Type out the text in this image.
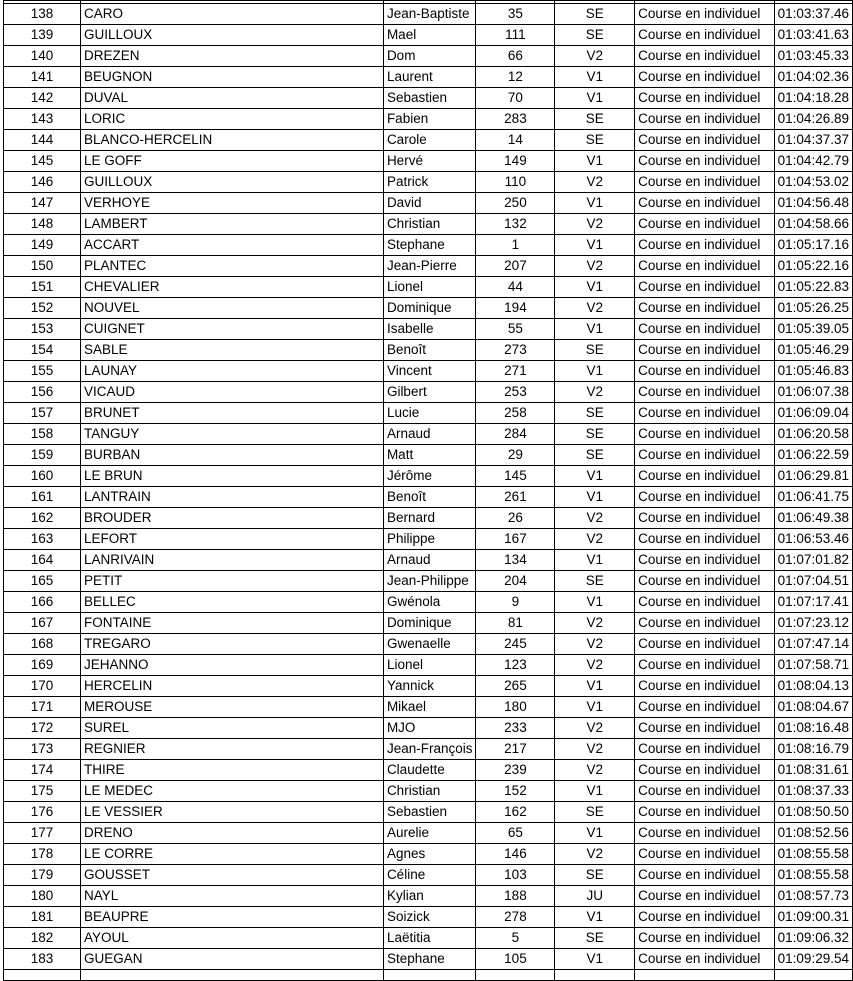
138	CARO	Jean-Baptiste	35	SE	Course en individuel	01:03:37.46
139	GUILLOUX	Mael	111	SE	Course en individuel	01:03:41.63
140	DREZEN	Dom	66	V2	Course en individuel	01:03:45.33
141	BEUGNON	Laurent	12	V1	Course en individuel	01:04:02.36
142	DUVAL	Sebastien	70	V1	Course en individuel	01:04:18.28
143	LORIC	Fabien	283	SE	Course en individuel	01:04:26.89
144	BLANCO-HERCELIN	Carole	14	SE	Course en individuel	01:04:37.37
145	LE GOFF	Hervé	149	V1	Course en individuel	01:04:42.79
146	GUILLOUX	Patrick	110	V2	Course en individuel	01:04:53.02
147	VERHOYE	David	250	V1	Course en individuel	01:04:56.48
148	LAMBERT	Christian	132	V2	Course en individuel	01:04:58.66
149	ACCART	Stephane	1	V1	Course en individuel	01:05:17.16
150	PLANTEC	Jean-Pierre	207	V2	Course en individuel	01:05:22.16
151	CHEVALIER	Lionel	44	V1	Course en individuel	01:05:22.83
152	NOUVEL	Dominique	194	V2	Course en individuel	01:05:26.25
153	CUIGNET	Isabelle	55	V1	Course en individuel	01:05:39.05
154	SABLE	Benoît	273	SE	Course en individuel	01:05:46.29
155	LAUNAY	Vincent	271	V1	Course en individuel	01:05:46.83
156	VICAUD	Gilbert	253	V2	Course en individuel	01:06:07.38
157	BRUNET	Lucie	258	SE	Course en individuel	01:06:09.04
158	TANGUY	Arnaud	284	SE	Course en individuel	01:06:20.58
159	BURBAN	Matt	29	SE	Course en individuel	01:06:22.59
160	LE BRUN	Jérôme	145	V1	Course en individuel	01:06:29.81
161	LANTRAIN	Benoît	261	V1	Course en individuel	01:06:41.75
162	BROUDER	Bernard	26	V2	Course en individuel	01:06:49.38
163	LEFORT	Philippe	167	V2	Course en individuel	01:06:53.46
164	LANRIVAIN	Arnaud	134	V1	Course en individuel	01:07:01.82
165	PETIT	Jean-Philippe	204	SE	Course en individuel	01:07:04.51
166	BELLEC	Gwénola	9	V1	Course en individuel	01:07:17.41
167	FONTAINE	Dominique	81	V2	Course en individuel	01:07:23.12
168	TREGARO	Gwenaelle	245	V2	Course en individuel	01:07:47.14
169	JEHANNO	Lionel	123	V2	Course en individuel	01:07:58.71
170	HERCELIN	Yannick	265	V1	Course en individuel	01:08:04.13
171	MEROUSE	Mikael	180	V1	Course en individuel	01:08:04.67
172	SUREL	MJO	233	V2	Course en individuel	01:08:16.48
173	REGNIER	Jean-François	217	V2	Course en individuel	01:08:16.79
174	THIRE	Claudette	239	V2	Course en individuel	01:08:31.61
175	LE MEDEC	Christian	152	V1	Course en individuel	01:08:37.33
176	LE VESSIER	Sebastien	162	SE	Course en individuel	01:08:50.50
177	DRENO	Aurelie	65	V1	Course en individuel	01:08:52.56
178	LE CORRE	Agnes	146	V2	Course en individuel	01:08:55.58
179	GOUSSET	Céline	103	SE	Course en individuel	01:08:55.58
180	NAYL	Kylian	188	JU	Course en individuel	01:08:57.73
181	BEAUPRE	Soizick	278	V1	Course en individuel	01:09:00.31
182	AYOUL	Laëtitia	5	SE	Course en individuel	01:09:06.32
183	GUEGAN	Stephane	105	V1	Course en individuel	01:09:29.54
